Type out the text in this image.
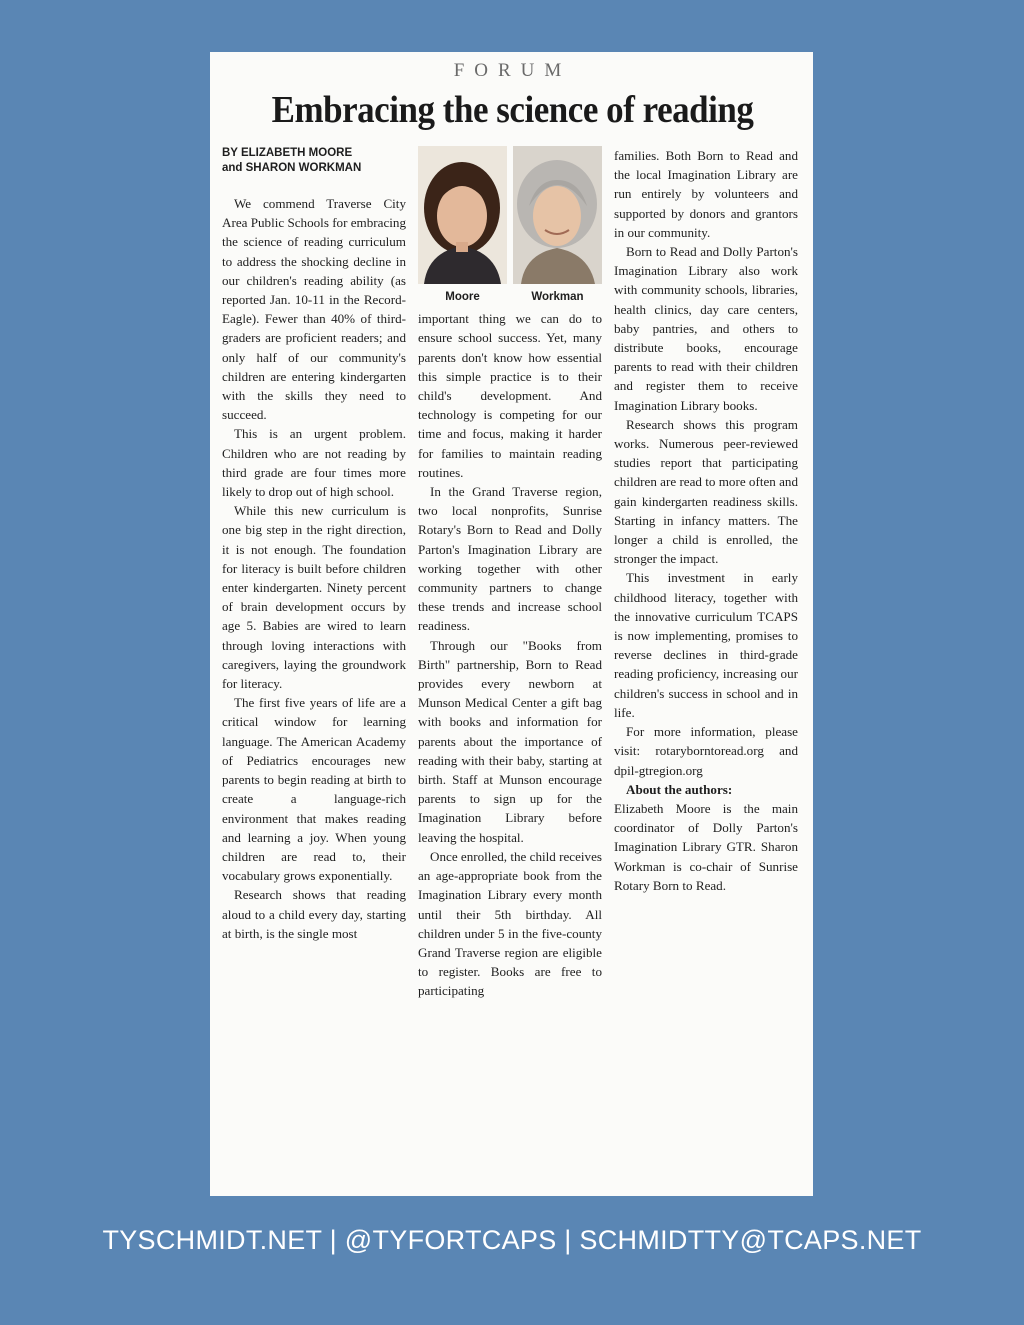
FORUM
Embracing the science of reading
BY ELIZABETH MOORE
and SHARON WORKMAN

We commend Traverse City Area Public Schools for embracing the science of reading curriculum to address the shocking decline in our children's reading ability (as reported Jan. 10-11 in the Record-Eagle). Fewer than 40% of third-graders are proficient readers; and only half of our community's children are entering kindergarten with the skills they need to succeed.

This is an urgent problem. Children who are not reading by third grade are four times more likely to drop out of high school.

While this new curriculum is one big step in the right direction, it is not enough. The foundation for literacy is built before children enter kindergarten. Ninety percent of brain development occurs by age 5. Babies are wired to learn through loving interactions with caregivers, laying the groundwork for literacy.

The first five years of life are a critical window for learning language. The American Academy of Pediatrics encourages new parents to begin reading at birth to create a language-rich environment that makes reading and learning a joy. When young children are read to, their vocabulary grows exponentially.

Research shows that reading aloud to a child every day, starting at birth, is the single most

Moore	Workman

important thing we can do to ensure school success. Yet, many parents don't know how essential this simple practice is to their child's development. And technology is competing for our time and focus, making it harder for families to maintain reading routines.

In the Grand Traverse region, two local nonprofits, Sunrise Rotary's Born to Read and Dolly Parton's Imagination Library are working together with other community partners to change these trends and increase school readiness.

Through our "Books from Birth" partnership, Born to Read provides every newborn at Munson Medical Center a gift bag with books and information for parents about the importance of reading with their baby, starting at birth. Staff at Munson encourage parents to sign up for the Imagination Library before leaving the hospital.

Once enrolled, the child receives an age-appropriate book from the Imagination Library every month until their 5th birthday. All children under 5 in the five-county Grand Traverse region are eligible to register. Books are free to participating

families. Both Born to Read and the local Imagination Library are run entirely by volunteers and supported by donors and grantors in our community.

Born to Read and Dolly Parton's Imagination Library also work with community schools, libraries, health clinics, day care centers, baby pantries, and others to distribute books, encourage parents to read with their children and register them to receive Imagination Library books.

Research shows this program works. Numerous peer-reviewed studies report that participating children are read to more often and gain kindergarten readiness skills. Starting in infancy matters. The longer a child is enrolled, the stronger the impact.

This investment in early childhood literacy, together with the innovative curriculum TCAPS is now implementing, promises to reverse declines in third-grade reading proficiency, increasing our children's success in school and in life.

For more information, please visit: rotaryborntoread.org and dpil-gtregion.org

About the authors:

Elizabeth Moore is the main coordinator of Dolly Parton's Imagination Library GTR. Sharon Workman is co-chair of Sunrise Rotary Born to Read.

TYSCHMIDT.NET | @TYFORTCAPS | SCHMIDTTY@TCAPS.NET
